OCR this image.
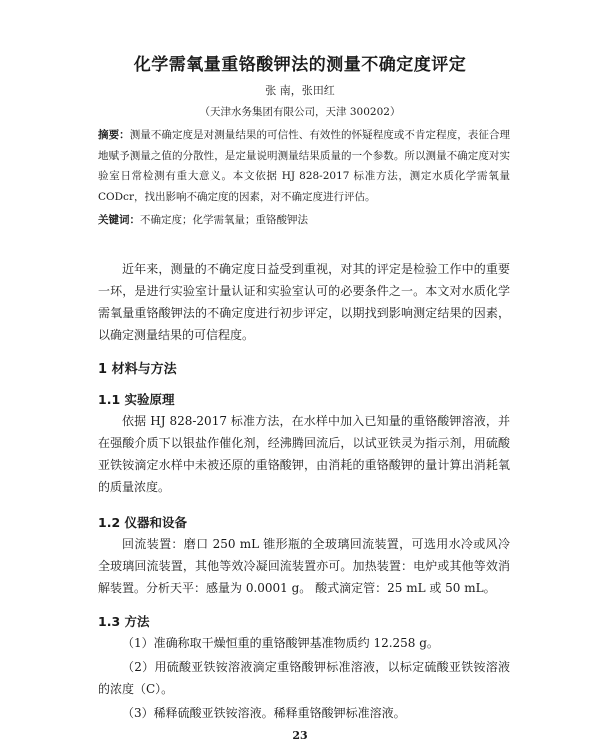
化学需氧量重铬酸钾法的测量不确定度评定
张 南，张田红
（天津水务集团有限公司，天津 300202）
摘要：测量不确定度是对测量结果的可信性、有效性的怀疑程度或不肯定程度，表征合理地赋予测量之值的分散性，是定量说明测量结果质量的一个参数。所以测量不确定度对实验室日常检测有重大意义。本文依据 HJ 828-2017 标准方法，测定水质化学需氧量 CODcr，找出影响不确定度的因素，对不确定度进行评估。
关键词：不确定度；化学需氧量；重铬酸钾法
近年来，测量的不确定度日益受到重视，对其的评定是检验工作中的重要一环，是进行实验室计量认证和实验室认可的必要条件之一。本文对水质化学需氧量重铬酸钾法的不确定度进行初步评定，以期找到影响测定结果的因素，以确定测量结果的可信程度。
1 材料与方法
1.1 实验原理
依据 HJ 828-2017 标准方法，在水样中加入已知量的重铬酸钾溶液，并在强酸介质下以银盐作催化剂，经沸腾回流后，以试亚铁灵为指示剂，用硫酸亚铁铵滴定水样中未被还原的重铬酸钾，由消耗的重铬酸钾的量计算出消耗氧的质量浓度。
1.2 仪器和设备
回流装置：磨口 250 mL 锥形瓶的全玻璃回流装置，可选用水冷或风冷全玻璃回流装置，其他等效冷凝回流装置亦可。加热装置：电炉或其他等效消解装置。分析天平：感量为 0.0001 g。 酸式滴定管：25 mL 或 50 mL。
1.3 方法
（1）准确称取干燥恒重的重铬酸钾基准物质约 12.258 g。
（2）用硫酸亚铁铵溶液滴定重铬酸钾标准溶液，以标定硫酸亚铁铵溶液的浓度（C）。
（3）稀释硫酸亚铁铵溶液。稀释重铬酸钾标准溶液。
23
